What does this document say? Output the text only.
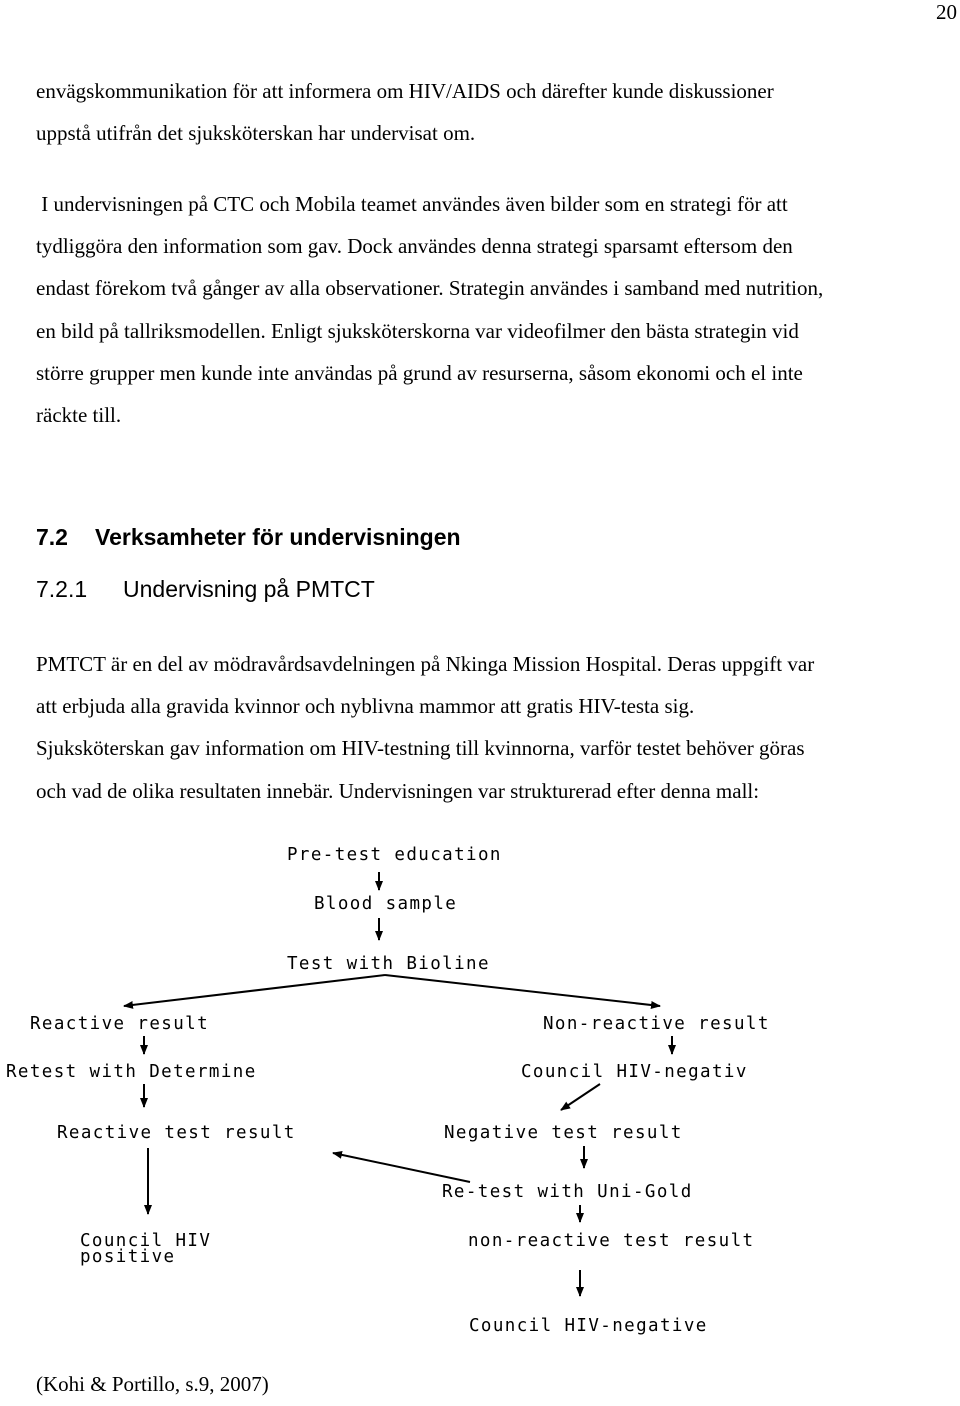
20

envägskommunikation för att informera om HIV/AIDS och därefter kunde diskussioner
uppstå utifrån det sjuksköterskan har undervisat om.

I undervisningen på CTC och Mobila teamet användes även bilder som en strategi för att
tydliggöra den information som gav. Dock användes denna strategi sparsamt eftersom den
endast förekom två gånger av alla observationer. Strategin användes i samband med nutrition,
en bild på tallriksmodellen. Enligt sjuksköterskorna var videofilmer den bästa strategin vid
större grupper men kunde inte användas på grund av resurserna, såsom ekonomi och el inte
räckte till.

7.2 Verksamheter för undervisningen
7.2.1 Undervisning på PMTCT

PMTCT är en del av mödravårdsavdelningen på Nkinga Mission Hospital. Deras uppgift var
att erbjuda alla gravida kvinnor och nyblivna mammor att gratis HIV-testa sig.
Sjuksköterskan gav information om HIV-testning till kvinnorna, varför testet behöver göras
och vad de olika resultaten innebär. Undervisningen var strukturerad efter denna mall:

Pre-test education
Blood sample
Test with Bioline
Reactive result	Non-reactive result
Retest with Determine	Council HIV-negativ
Reactive test result	Negative test result
Re-test with Uni-Gold
Council HIV
positive
non-reactive test result
Council HIV-negative

(Kohi & Portillo, s.9, 2007)
